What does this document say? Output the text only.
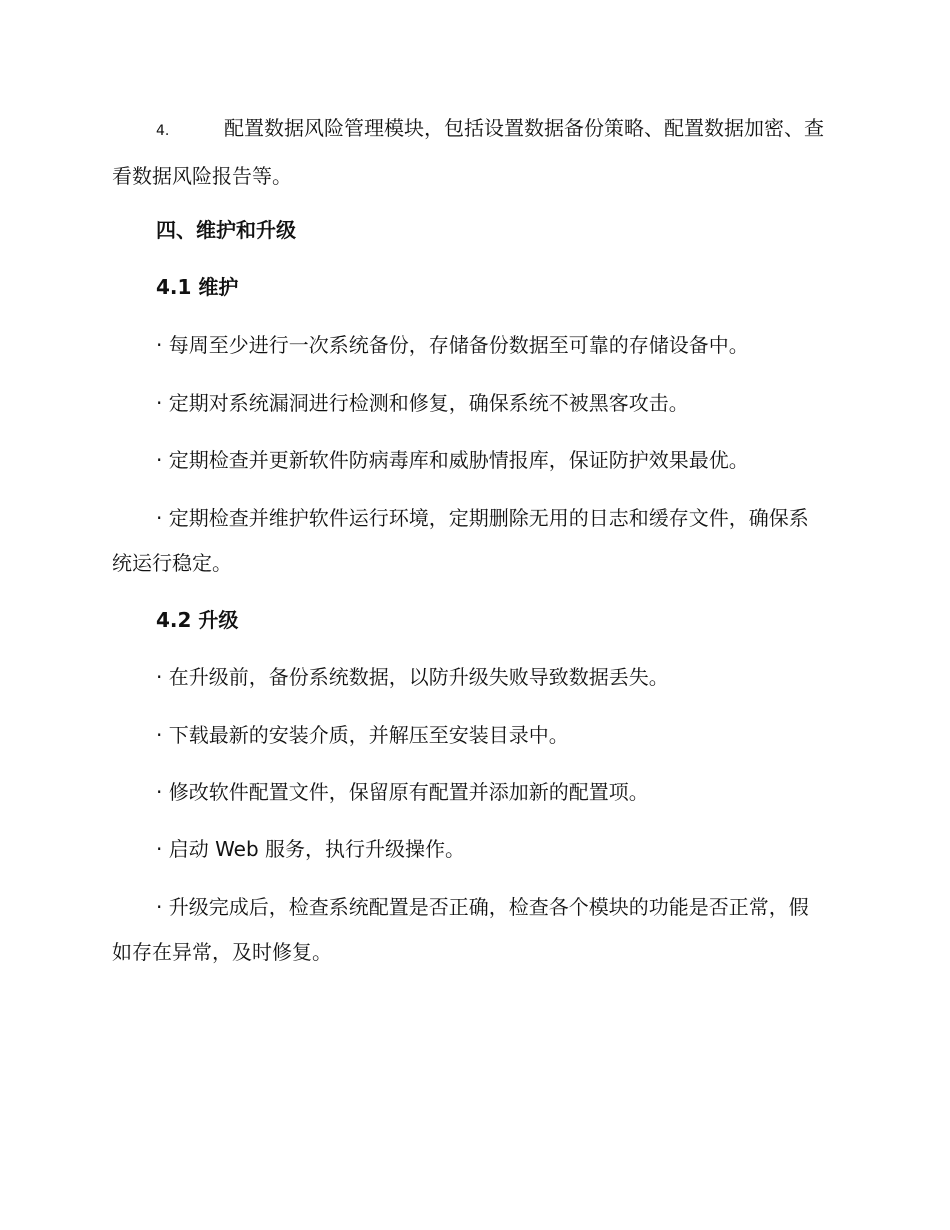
4.	配置数据风险管理模块，包括设置数据备份策略、配置数据加密、查看数据风险报告等。
四、维护和升级
4.1 维护
· 每周至少进行一次系统备份，存储备份数据至可靠的存储设备中。
· 定期对系统漏洞进行检测和修复，确保系统不被黑客攻击。
· 定期检查并更新软件防病毒库和威胁情报库，保证防护效果最优。
· 定期检查并维护软件运行环境，定期删除无用的日志和缓存文件，确保系统运行稳定。
4.2 升级
· 在升级前，备份系统数据，以防升级失败导致数据丢失。
· 下载最新的安装介质，并解压至安装目录中。
· 修改软件配置文件，保留原有配置并添加新的配置项。
· 启动 Web 服务，执行升级操作。
· 升级完成后，检查系统配置是否正确，检查各个模块的功能是否正常，假如存在异常，及时修复。
